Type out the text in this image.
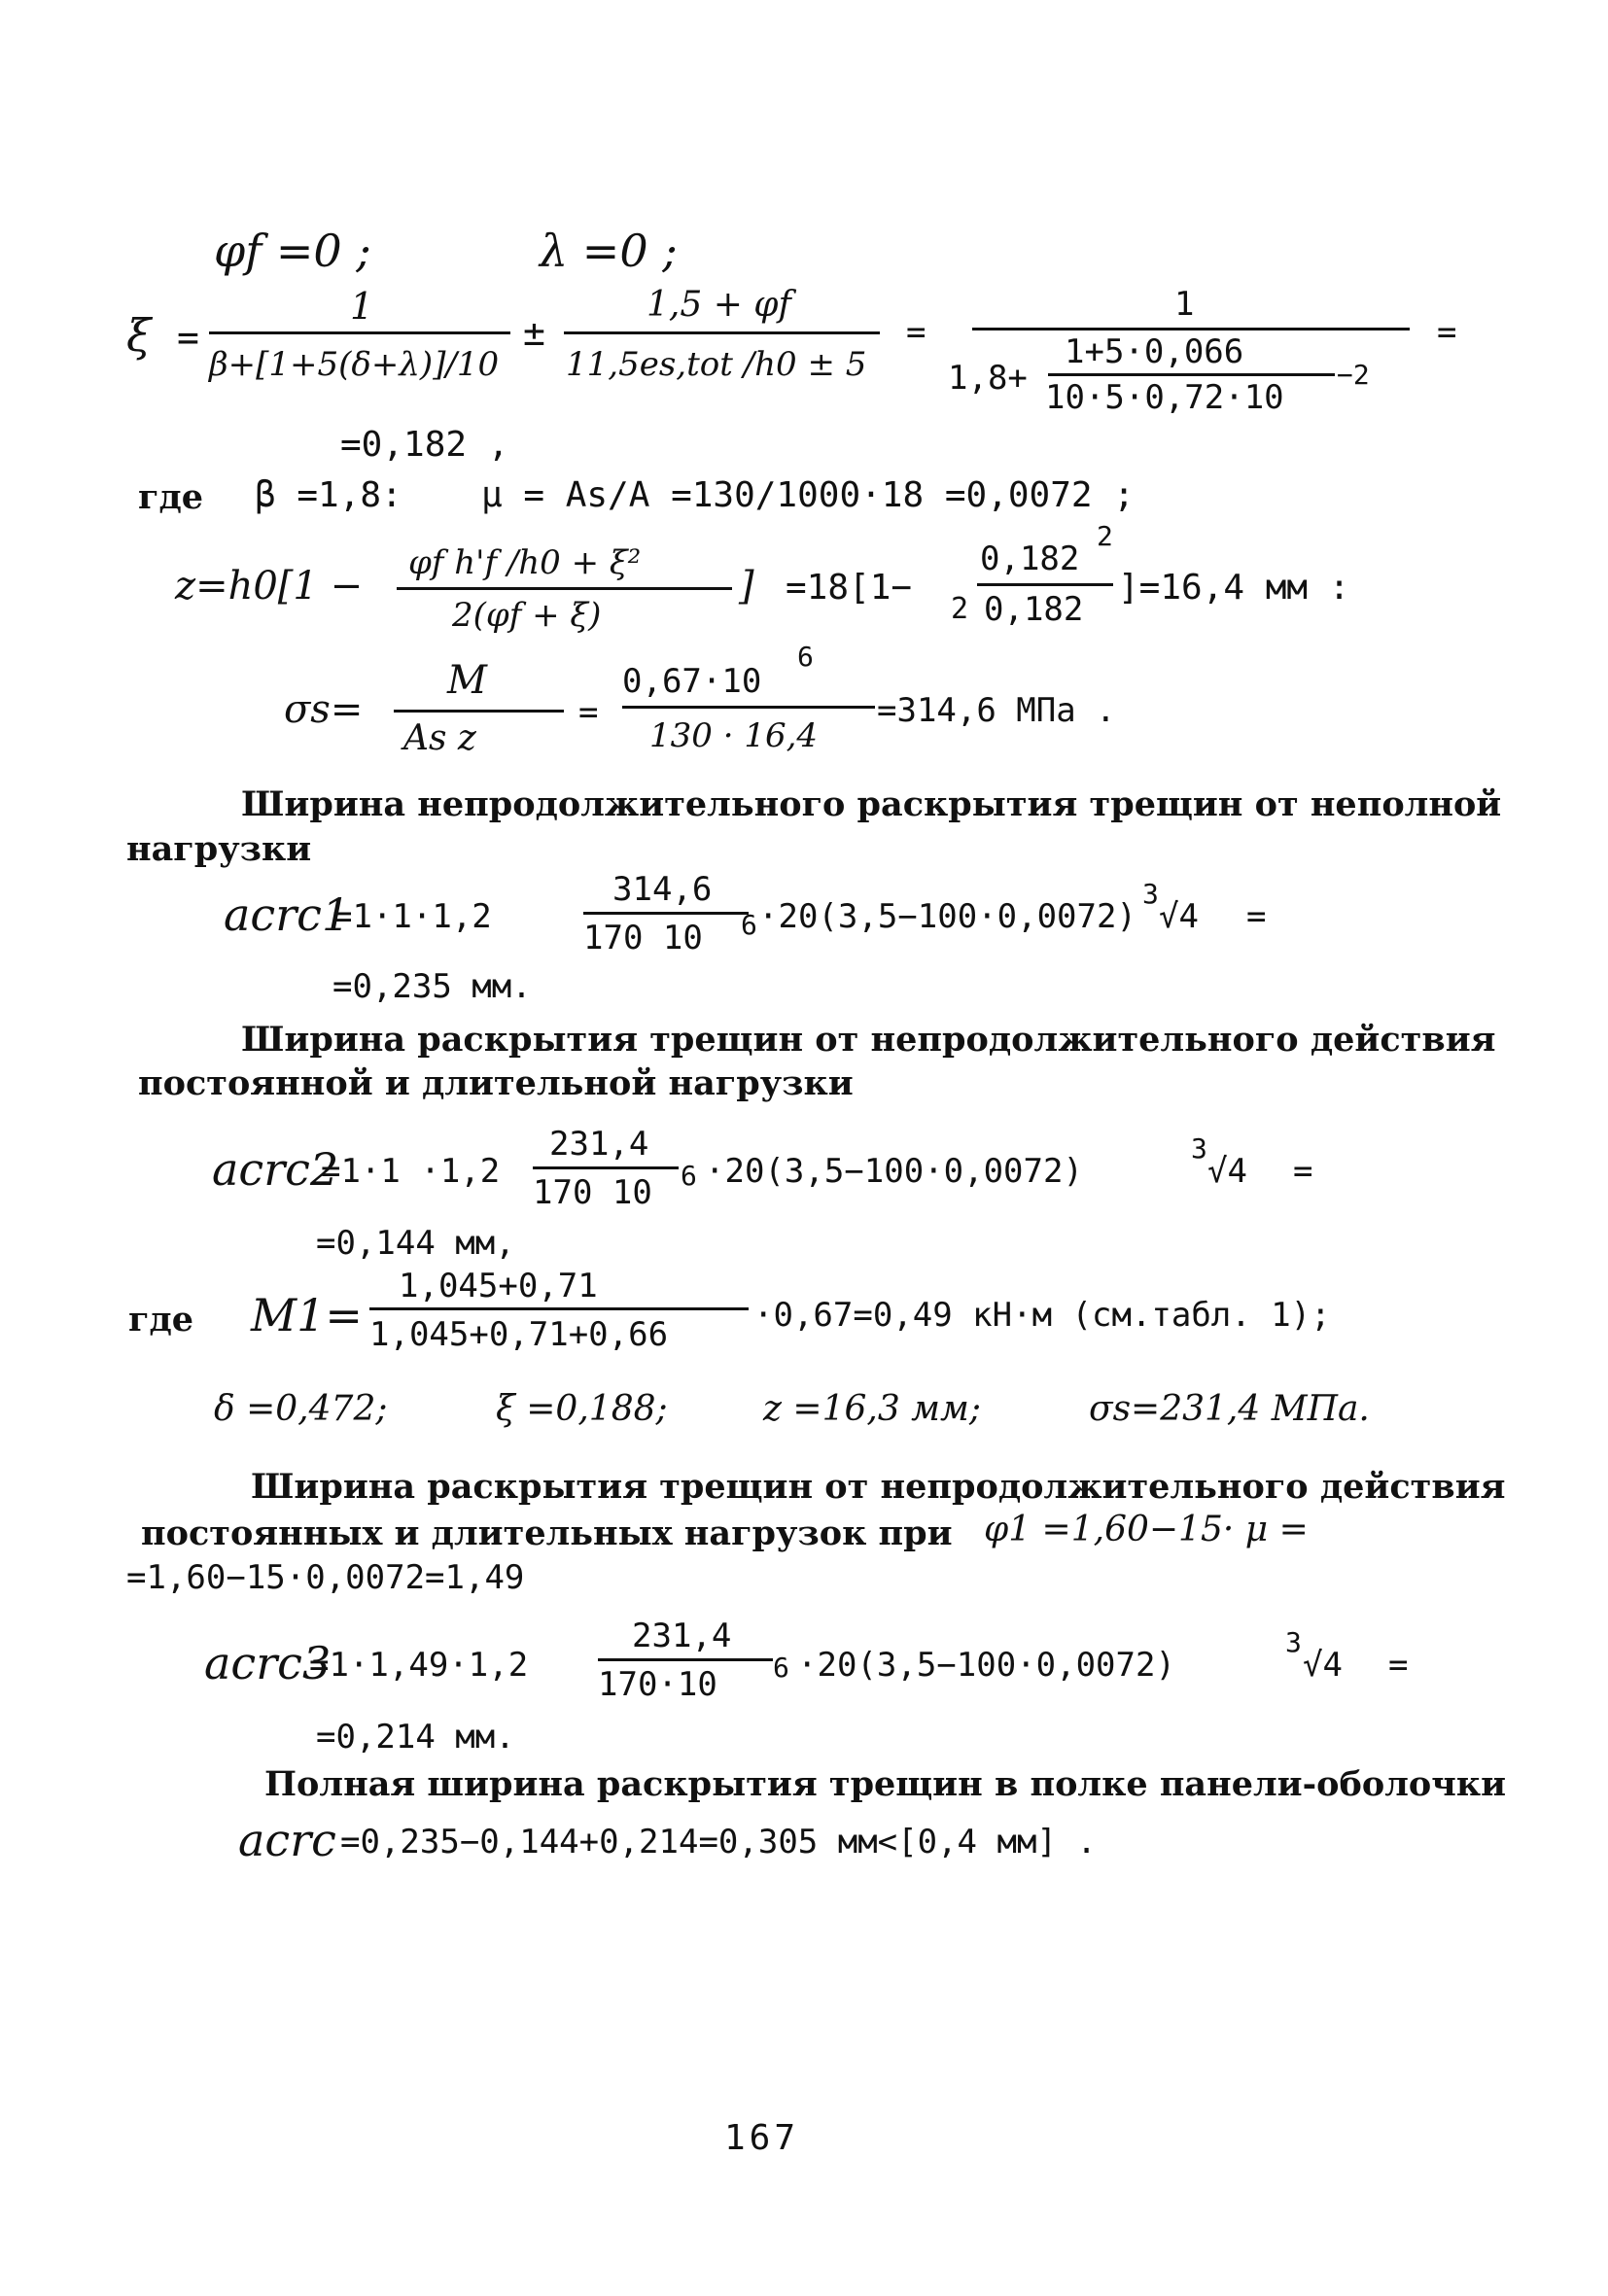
φf =0 ;	λ =0 ;
ξ =
1
β+[1+5(δ+λ)]/10
±
1,5 + φf
11,5es,tot /h0 ± 5
=
1
1,8+
1+5·0,066
10·5·0,72·10
−2
=
=0,182 ,
где β =1,8: μ = As/A =130/1000·18 =0,0072 ;
z=h0[1 −
φf h'f /h0 + ξ²
2(φf + ξ)
] =18[1−
0,182
2
2 0,182
]=16,4 мм :
σs=
M
As z
=
0,67·10
6
130 · 16,4
=314,6 МПа .
Ширина непродолжительного раскрытия трещин от неполной
нагрузки
acrc1
=1·1·1,2
314,6
170 10 6 ·20(3,5−100·0,0072)
3
√4 =
=0,235 мм.
Ширина раскрытия трещин от непродолжительного действия
постоянной и длительной нагрузки
acrc2
=1·1 ·1,2
231,4
170 10 6 ·20(3,5−100·0,0072)
3
√4 =
=0,144 мм,
где M1=
1,045+0,71
1,045+0,71+0,66	·0,67=0,49 кН·м (см.табл. 1);
δ =0,472;	ξ =0,188;	z =16,3 мм;	σs=231,4 МПа.
Ширина раскрытия трещин от непродолжительного действия
постоянных и длительных нагрузок при φ1 =1,60−15· μ =
=1,60−15·0,0072=1,49
acrc3
=1·1,49·1,2
231,4
170·10 6 ·20(3,5−100·0,0072)
3
√4 =
=0,214 мм.
Полная ширина раскрытия трещин в полке панели-оболочки
acrc =0,235−0,144+0,214=0,305 мм<[0,4 мм] .
167
